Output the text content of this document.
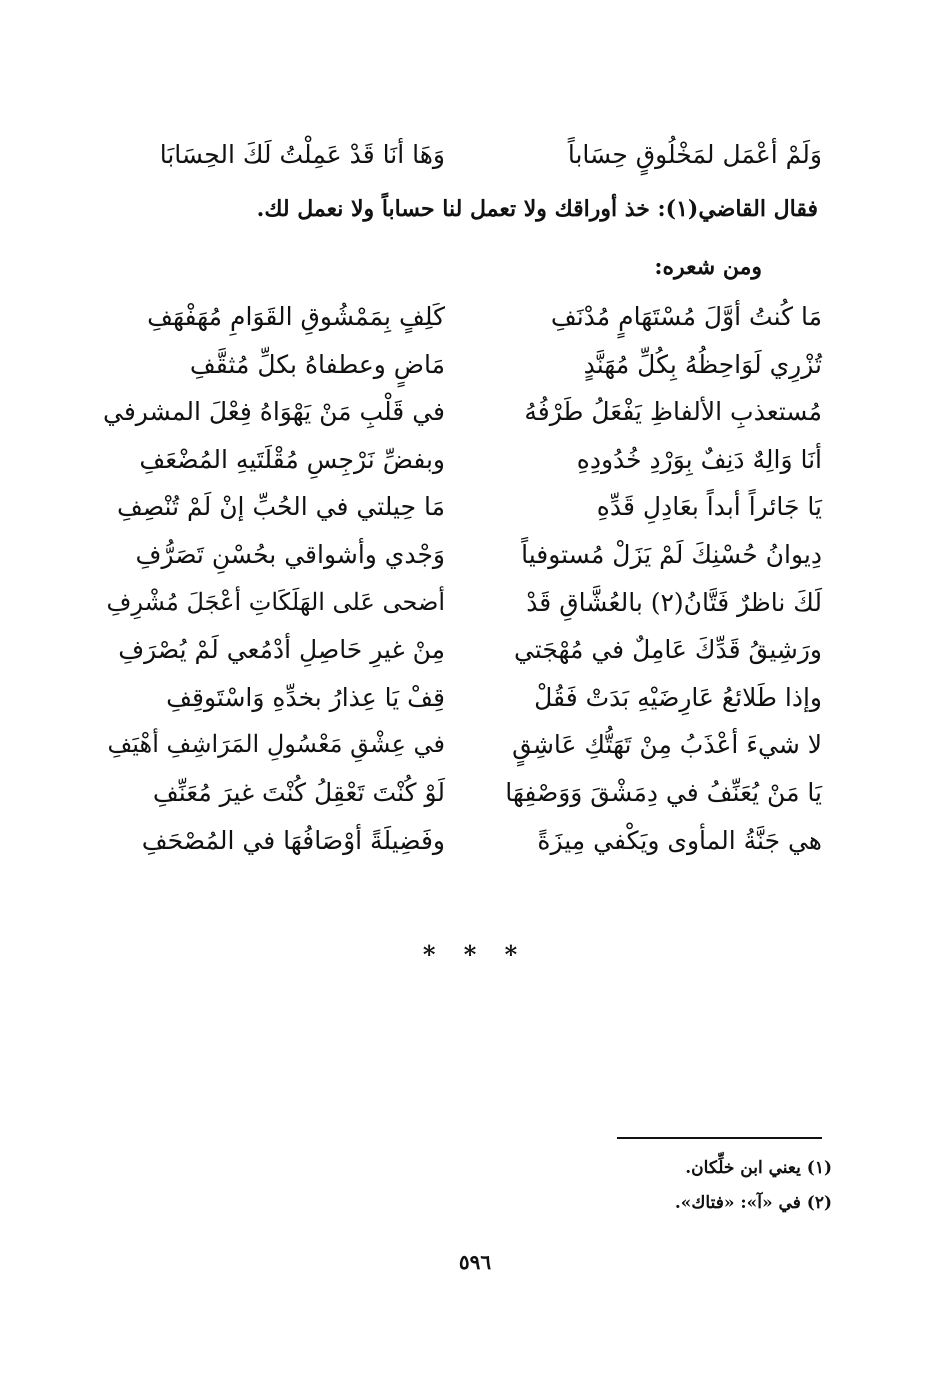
وَلَمْ أعْمَل لمَخْلُوقٍ حِسَاباً
وَهَا أنَا قَدْ عَمِلْتُ لَكَ الحِسَابَا
فقال القاضي(١): خذ أوراقك ولا تعمل لنا حساباً ولا نعمل لك.
ومن شعره:
مَا كُنتُ أوَّلَ مُسْتَهَامٍ مُدْنَفِ
كَلِفٍ بِمَمْشُوقِ القَوَامِ مُهَفْهَفِ
تُزْرِي لَوَاحِظُهُ بِكُلِّ مُهَنَّدٍ
مَاضٍ وعطفاهُ بكلِّ مُثقَّفِ
مُستعذبِ الألفاظِ يَفْعَلُ طَرْفُهُ
في قَلْبِ مَنْ يَهْوَاهُ فِعْلَ المشرفي
أنَا وَالِهٌ دَنِفٌ بِوَرْدِ خُدُودِهِ
وبفضِّ نَرْجِسِ مُقْلَتَيهِ المُضْعَفِ
يَا جَائراً أبداً بعَادِلِ قَدِّهِ
مَا حِيلتي في الحُبِّ إنْ لَمْ تُنْصِفِ
دِيوانُ حُسْنِكَ لَمْ يَزَلْ مُستوفياً
وَجْدي وأشواقي بحُسْنِ تَصَرُّفِ
لَكَ ناظرٌ فَتَّانُ(٢) بالعُشَّاقِ قَدْ
أضحى عَلى الهَلَكَاتِ أعْجَلَ مُشْرِفِ
ورَشِيقُ قَدِّكَ عَامِلٌ في مُهْجَتي
مِنْ غيرِ حَاصِلِ أدْمُعي لَمْ يُصْرَفِ
وإذا طَلائعُ عَارِضَيْهِ بَدَتْ فَقُلْ
قِفْ يَا عِذارُ بخدِّهِ وَاسْتَوقِفِ
لا شيءَ أعْذَبُ مِنْ تَهَتُّكِ عَاشِقٍ
في عِشْقِ مَعْسُولِ المَرَاشِفِ أهْيَفِ
يَا مَنْ يُعَنِّفُ في دِمَشْقَ وَوَصْفِهَا
لَوْ كُنْتَ تَعْقِلُ كُنْتَ غيرَ مُعَنِّفِ
هي جَنَّةُ المأوى ويَكْفي مِيزَةً
وفَضِيلَةً أوْصَافُهَا في المُصْحَفِ
* * *
(١) يعني ابن خلِّكان.
(٢) في «آ»: «فتاك».
٥٩٦
